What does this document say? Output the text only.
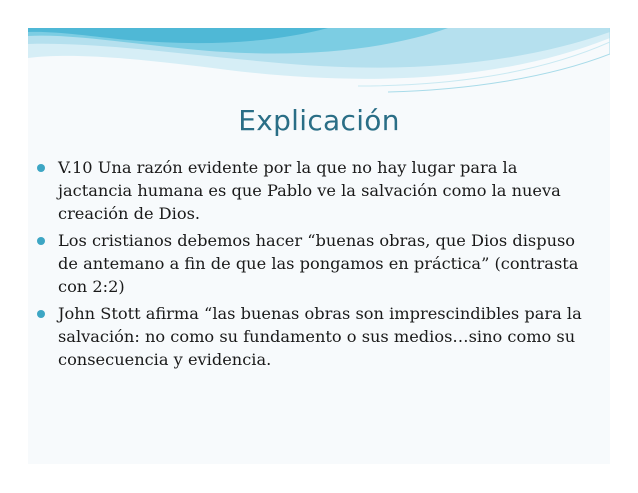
Explicación
V.10 Una razón evidente por la que no hay lugar para la jactancia humana es que Pablo ve la salvación como la nueva creación de Dios.
Los cristianos debemos hacer “buenas obras, que Dios dispuso de antemano a fin de que las pongamos en práctica” (contrasta con 2:2)
John Stott afirma “las buenas obras son imprescindibles para la salvación: no como su fundamento o sus medios…sino como su consecuencia y evidencia.
